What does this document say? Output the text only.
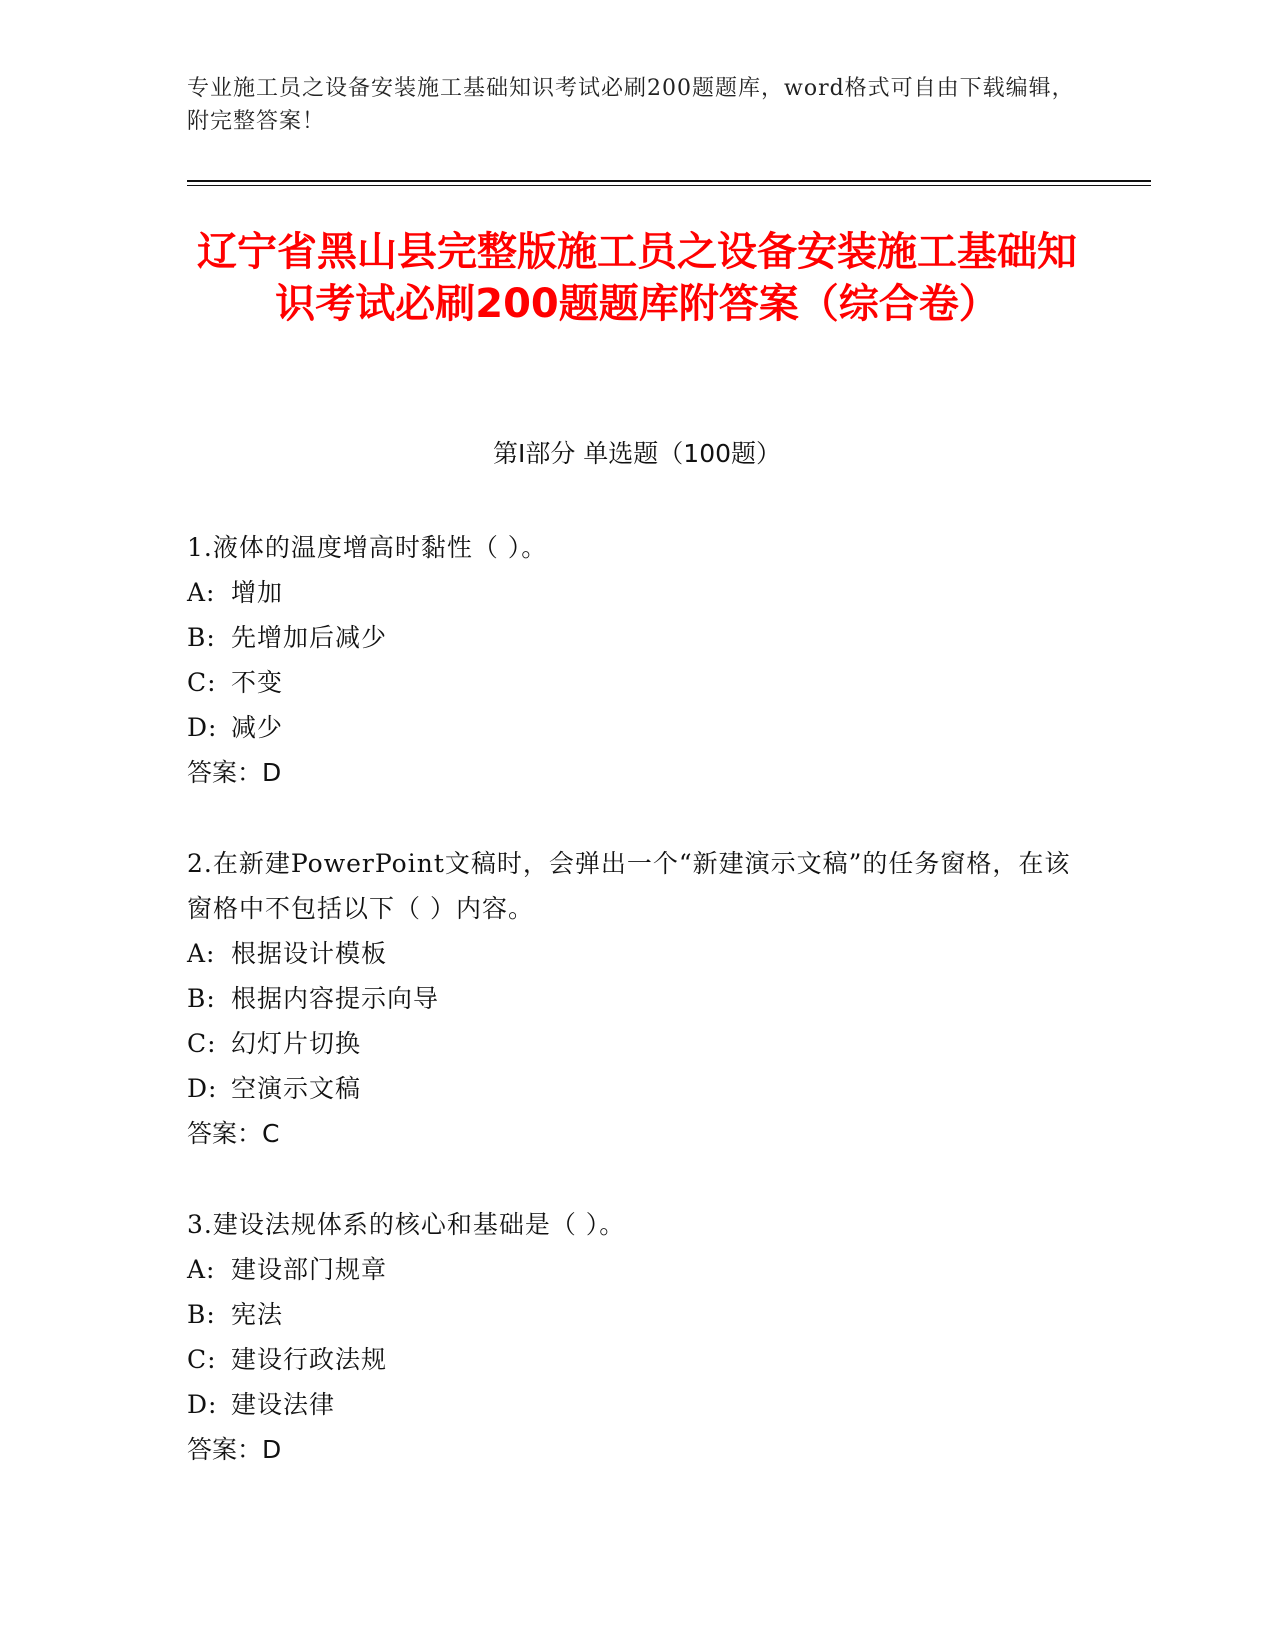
专业施工员之设备安装施工基础知识考试必刷200题题库，word格式可自由下载编辑，附完整答案！
辽宁省黑山县完整版施工员之设备安装施工基础知识考试必刷200题题库附答案（综合卷）
第I部分 单选题（100题）
1.液体的温度增高时黏性（ ）。
A: 增加
B: 先增加后减少
C: 不变
D: 减少
答案：D
2.在新建PowerPoint文稿时，会弹出一个“新建演示文稿”的任务窗格，在该窗格中不包括以下（ ）内容。
A: 根据设计模板
B: 根据内容提示向导
C: 幻灯片切换
D: 空演示文稿
答案：C
3.建设法规体系的核心和基础是（ ）。
A: 建设部门规章
B: 宪法
C: 建设行政法规
D: 建设法律
答案：D
